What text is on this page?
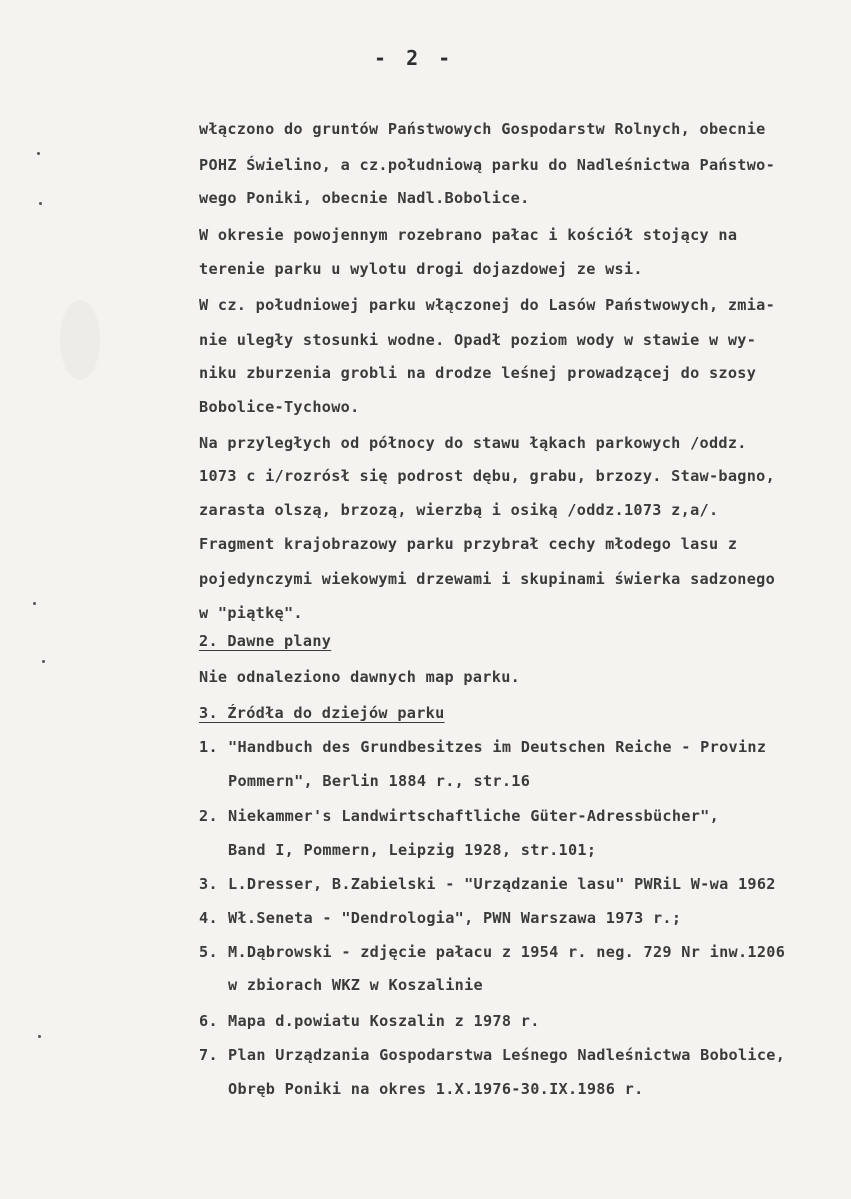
- 2 -
włączono do gruntów Państwowych Gospodarstw Rolnych, obecnie
POHZ Świelino, a cz.południową parku do Nadleśnictwa Państwo-
wego Poniki, obecnie Nadl.Bobolice.
W okresie powojennym rozebrano pałac i kościół stojący na
terenie parku u wylotu drogi dojazdowej ze wsi.
W cz. południowej parku włączonej do Lasów Państwowych, zmia-
nie uległy stosunki wodne. Opadł poziom wody w stawie w wy-
niku zburzenia grobli na drodze leśnej prowadzącej do szosy
Bobolice-Tychowo.
Na przyległych od północy do stawu łąkach parkowych /oddz.
1073 c i/rozrósł się podrost dębu, grabu, brzozy. Staw-bagno,
zarasta olszą, brzozą, wierzbą i osiką /oddz.1073 z,a/.
Fragment krajobrazowy parku przybrał cechy młodego lasu z
pojedynczymi wiekowymi drzewami i skupinami świerka sadzonego
w "piątkę".
2. Dawne plany
Nie odnaleziono dawnych map parku.
3. Źródła do dziejów parku
1. "Handbuch des Grundbesitzes im Deutschen Reiche - Provinz
Pommern", Berlin 1884 r., str.16
2. Niekammer's Landwirtschaftliche Güter-Adressbücher",
Band I, Pommern, Leipzig 1928, str.101;
3. L.Dresser, B.Zabielski - "Urządzanie lasu" PWRiL W-wa 1962
4. Wł.Seneta - "Dendrologia", PWN Warszawa 1973 r.;
5. M.Dąbrowski - zdjęcie pałacu z 1954 r. neg. 729 Nr inw.1206
w zbiorach WKZ w Koszalinie
6. Mapa d.powiatu Koszalin z 1978 r.
7. Plan Urządzania Gospodarstwa Leśnego Nadleśnictwa Bobolice,
Obręb Poniki na okres 1.X.1976-30.IX.1986 r.
